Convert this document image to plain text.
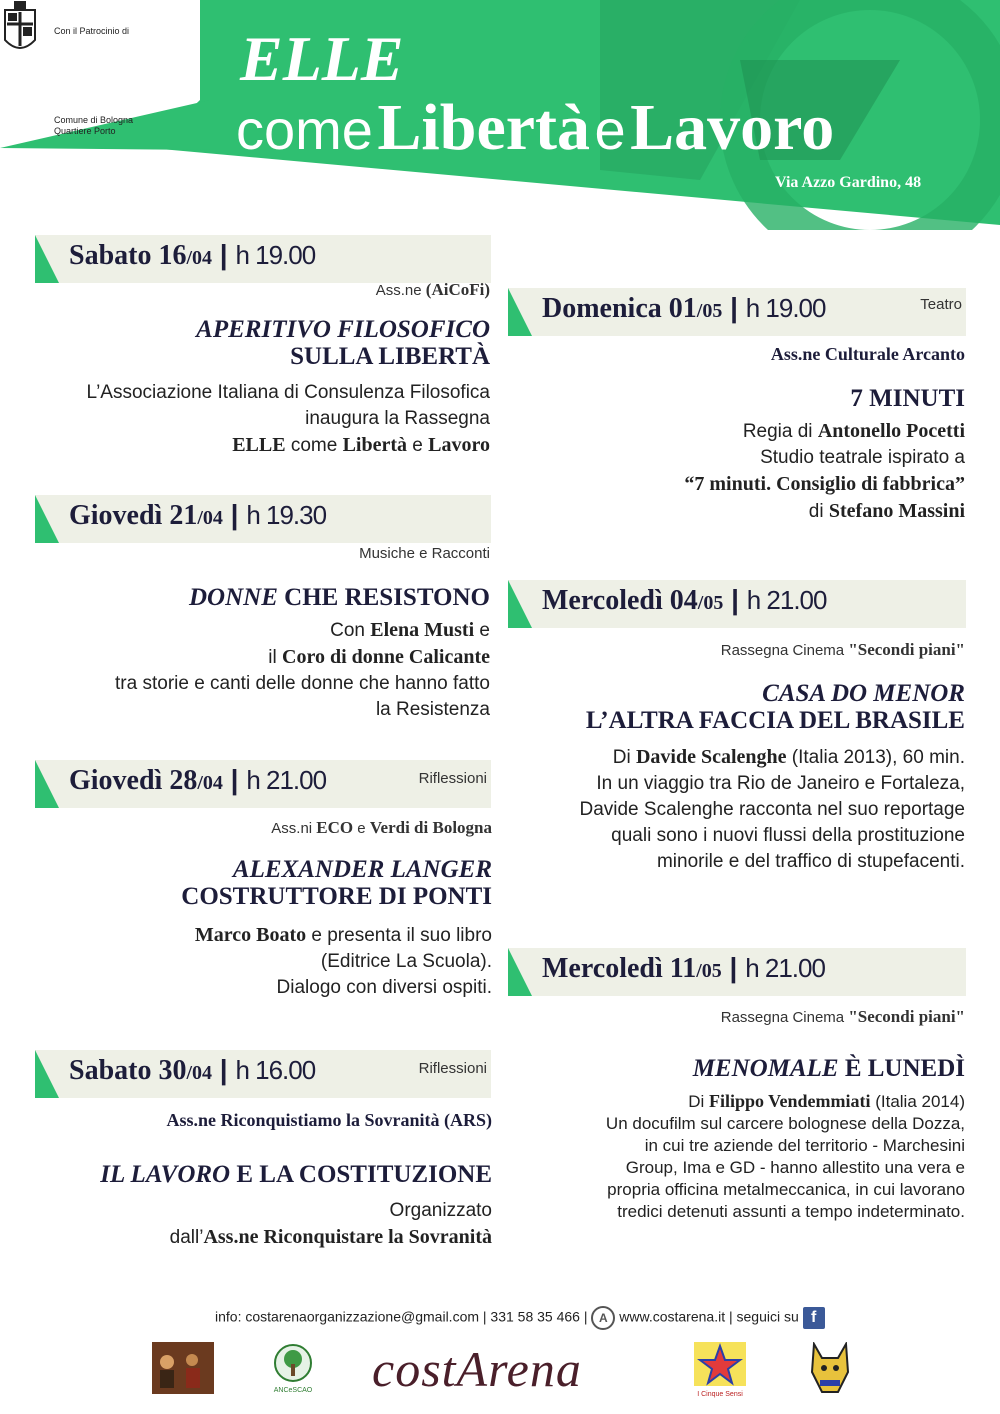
Con il Patrocinio di
Comune di Bologna
Quartiere Porto
ELLE
come Libertà e Lavoro
Via Azzo Gardino, 48
Sabato 16/04 | h 19.00
Ass.ne (AiCoFi)
APERITIVO FILOSOFICO
SULLA LIBERTÀ
L’Associazione Italiana di Consulenza Filosofica
inaugura la Rassegna
ELLE come Libertà e Lavoro
Giovedì 21/04 | h 19.30
Musiche e Racconti
DONNE CHE RESISTONO
Con Elena Musti e
il Coro di donne Calicante
tra storie e canti delle donne che hanno fatto
la Resistenza
Giovedì 28/04 | h 21.00	Riflessioni
Ass.ni ECO e Verdi di Bologna
ALEXANDER LANGER
COSTRUTTORE DI PONTI
Marco Boato e presenta il suo libro
(Editrice La Scuola).
Dialogo con diversi ospiti.
Sabato 30/04 | h 16.00	Riflessioni
Ass.ne Riconquistiamo la Sovranità (ARS)
IL LAVORO E LA COSTITUZIONE
Organizzato
dall’Ass.ne Riconquistare la Sovranità
Domenica 01/05 | h 19.00	Teatro
Ass.ne Culturale Arcanto
7 MINUTI
Regia di Antonello Pocetti
Studio teatrale ispirato a
“7 minuti. Consiglio di fabbrica”
di Stefano Massini
Mercoledì 04/05 | h 21.00
Rassegna Cinema "Secondi piani"
CASA DO MENOR
L’ALTRA FACCIA DEL BRASILE
Di Davide Scalenghe (Italia 2013), 60 min.
In un viaggio tra Rio de Janeiro e Fortaleza,
Davide Scalenghe racconta nel suo reportage
quali sono i nuovi flussi della prostituzione
minorile e del traffico di stupefacenti.
Mercoledì 11/05 | h 21.00
Rassegna Cinema "Secondi piani"
MENOMALE È LUNEDÌ
Di Filippo Vendemmiati (Italia 2014)
Un docufilm sul carcere bolognese della Dozza,
in cui tre aziende del territorio - Marchesini
Group, Ima e GD - hanno allestito una vera e
propria officina metalmeccanica, in cui lavorano
tredici detenuti assunti a tempo indeterminato.
info: costarenaorganizzazione@gmail.com | 331 58 35 466 | A www.costarena.it | seguici su f
ANCeSCAO costArena	I Cinque Sensi
